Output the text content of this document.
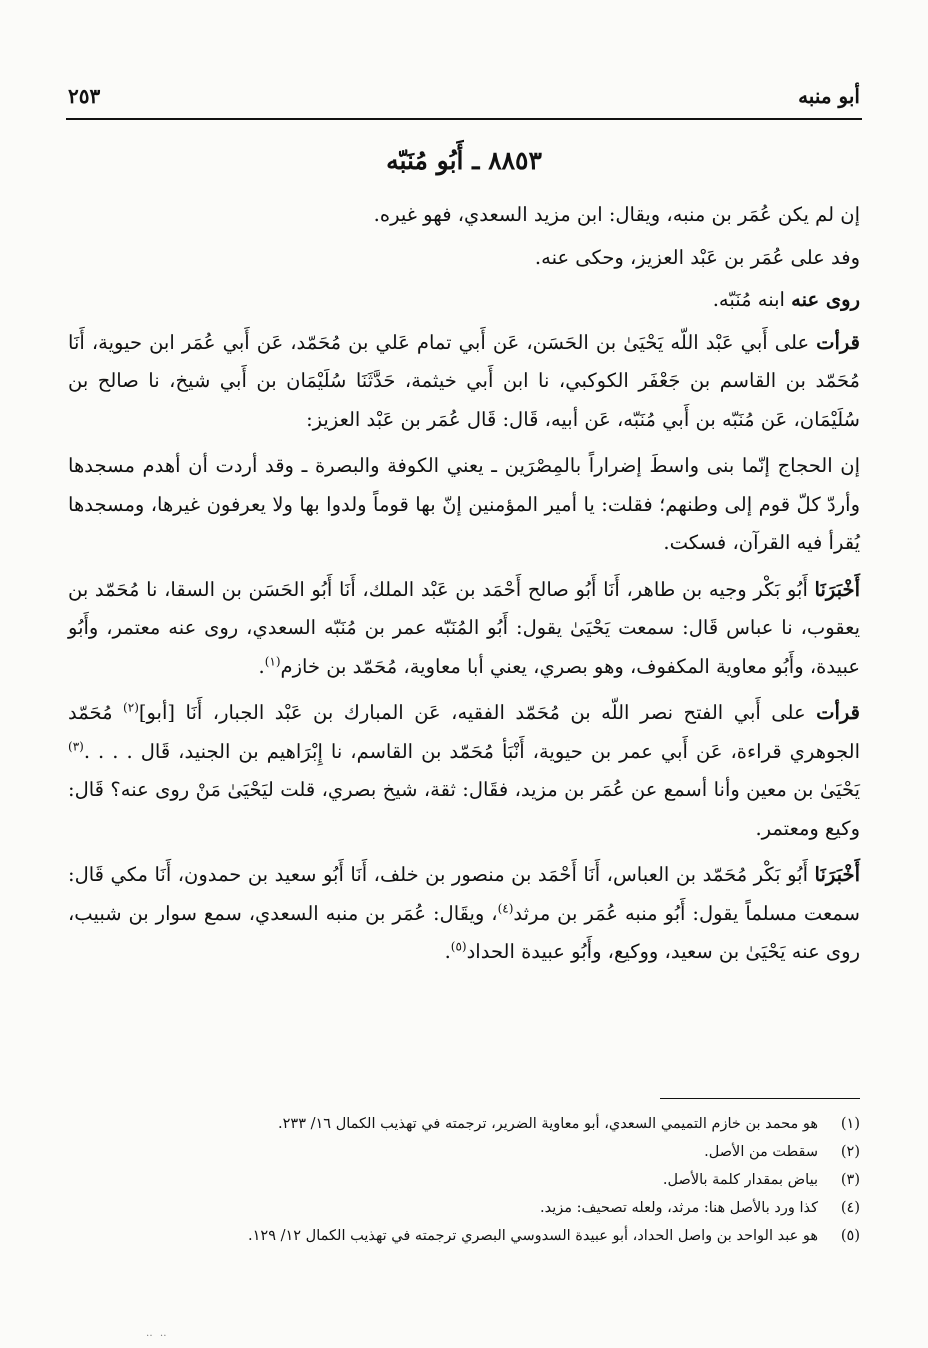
أبو منبه
٢٥٣
٨٨٥٣ ـ أَبُو مُنَبّه

إن لم يكن عُمَر بن منبه، ويقال: ابن مزيد السعدي، فهو غيره.

وفد على عُمَر بن عَبْد العزيز، وحكى عنه.

روى عنه ابنه مُنَبّه.

قرأت على أَبي عَبْد اللّه يَحْيَىٰ بن الحَسَن، عَن أَبي تمام عَلي بن مُحَمّد، عَن أَبي عُمَر ابن حيوية، أَنَا مُحَمّد بن القاسم بن جَعْفَر الكوكبي، نا ابن أَبي خيثمة، حَدَّثَنَا سُلَيْمَان بن أَبي شيخ، نا صالح بن سُلَيْمَان، عَن مُنَبّه بن أَبي مُنَبّه، عَن أبيه، قَال: قَال عُمَر بن عَبْد العزيز:

إن الحجاج إنّما بنى واسطَ إضراراً بالمِصْرَين ـ يعني الكوفة والبصرة ـ وقد أردت أن أهدم مسجدها وأردّ كلّ قوم إلى وطنهم؛ فقلت: يا أمير المؤمنين إنّ بها قوماً ولدوا بها ولا يعرفون غيرها، ومسجدها يُقرأ فيه القرآن، فسكت.

أَخْبَرَنَا أَبُو بَكْر وجيه بن طاهر، أَنَا أَبُو صالح أَحْمَد بن عَبْد الملك، أَنَا أَبُو الحَسَن بن السقا، نا مُحَمّد بن يعقوب، نا عباس قَال: سمعت يَحْيَىٰ يقول: أَبُو المُنَبّه عمر بن مُنَبّه السعدي، روى عنه معتمر، وأَبُو عبيدة، وأَبُو معاوية المكفوف، وهو بصري، يعني أبا معاوية، مُحَمّد بن خازم$^{(١)}$.

قرأت على أَبي الفتح نصر اللّه بن مُحَمّد الفقيه، عَن المبارك بن عَبْد الجبار، أَنَا [أبو]$^{(٢)}$ مُحَمّد الجوهري قراءة، عَن أَبي عمر بن حيوية، أَنْبَأ مُحَمّد بن القاسم، نا إِبْرَاهيم بن الجنيد، قَال . . . .$^{(٣)}$ يَحْيَىٰ بن معين وأنا أسمع عن عُمَر بن مزيد، فقَال: ثقة، شيخ بصري، قلت ليَحْيَىٰ مَنْ روى عنه؟ قَال: وكيع ومعتمر.

أَخْبَرَنَا أَبُو بَكْر مُحَمّد بن العباس، أَنَا أَحْمَد بن منصور بن خلف، أَنَا أَبُو سعيد بن حمدون، أَنَا مكي قَال: سمعت مسلماً يقول: أَبُو منبه عُمَر بن مرثد$^{(٤)}$، ويقَال: عُمَر بن منبه السعدي، سمع سوار بن شبيب، روى عنه يَحْيَىٰ بن سعيد، ووكيع، وأَبُو عبيدة الحداد$^{(٥)}$.

(١)
هو محمد بن خازم التميمي السعدي، أبو معاوية الضرير، ترجمته في تهذيب الكمال ١٦/ ٢٣٣.
(٢)
سقطت من الأصل.
(٣)
بياض بمقدار كلمة بالأصل.
(٤)
كذا ورد بالأصل هنا: مرثد، ولعله تصحيف: مزيد.
(٥)
هو عبد الواحد بن واصل الحداد، أبو عبيدة السدوسي البصري ترجمته في تهذيب الكمال ١٢/ ١٢٩.
‥ ‥
